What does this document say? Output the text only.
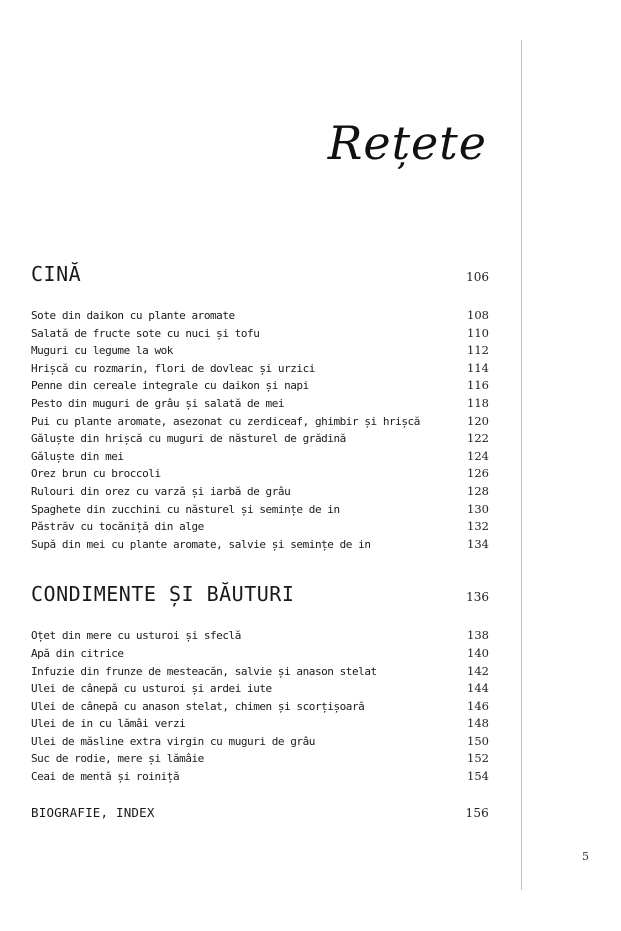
Rețete
CINĂ	106
Sote din daikon cu plante aromate	108
Salată de fructe sote cu nuci și tofu	110
Muguri cu legume la wok	112
Hrișcă cu rozmarin, flori de dovleac și urzici	114
Penne din cereale integrale cu daikon și napi	116
Pesto din muguri de grâu și salată de mei	118
Pui cu plante aromate, asezonat cu zerdiceaf, ghimbir și hrișcă	120
Găluște din hrișcă cu muguri de năsturel de grădină	122
Găluște din mei	124
Orez brun cu broccoli	126
Rulouri din orez cu varză și iarbă de grâu	128
Spaghete din zucchini cu năsturel și semințe de in	130
Păstrăv cu tocăniță din alge	132
Supă din mei cu plante aromate, salvie și semințe de in	134
CONDIMENTE ȘI BĂUTURI	136
Oțet din mere cu usturoi și sfeclă	138
Apă din citrice	140
Infuzie din frunze de mesteacăn, salvie și anason stelat	142
Ulei de cânepă cu usturoi și ardei iute	144
Ulei de cânepă cu anason stelat, chimen și scorțișoară	146
Ulei de in cu lămâi verzi	148
Ulei de măsline extra virgin cu muguri de grâu	150
Suc de rodie, mere și lămâie	152
Ceai de mentă și roiniță	154
BIOGRAFIE, INDEX	156
5
